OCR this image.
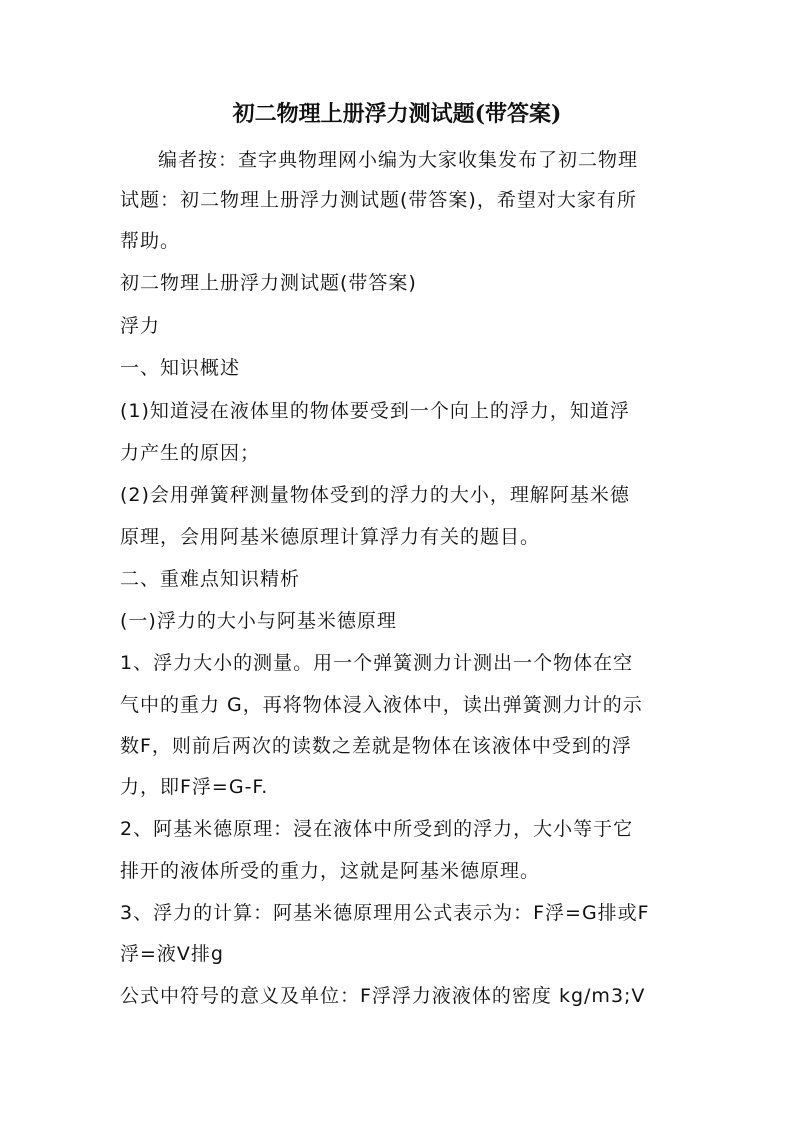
初二物理上册浮力测试题(带答案)

编者按：查字典物理网小编为大家收集发布了初二物理

试题：初二物理上册浮力测试题(带答案)，希望对大家有所

帮助。

初二物理上册浮力测试题(带答案)

浮力

一、知识概述

(1)知道浸在液体里的物体要受到一个向上的浮力，知道浮

力产生的原因；

(2)会用弹簧秤测量物体受到的浮力的大小，理解阿基米德

原理，会用阿基米德原理计算浮力有关的题目。

二、重难点知识精析

(一)浮力的大小与阿基米德原理

1、浮力大小的测量。用一个弹簧测力计测出一个物体在空

气中的重力 G，再将物体浸入液体中，读出弹簧测力计的示

数F，则前后两次的读数之差就是物体在该液体中受到的浮

力，即F浮=G-F.

2、阿基米德原理：浸在液体中所受到的浮力，大小等于它

排开的液体所受的重力，这就是阿基米德原理。

3、浮力的计算：阿基米德原理用公式表示为：F浮=G排或F

浮=液V排g

公式中符号的意义及单位：F浮浮力液液体的密度 kg/m3;V
